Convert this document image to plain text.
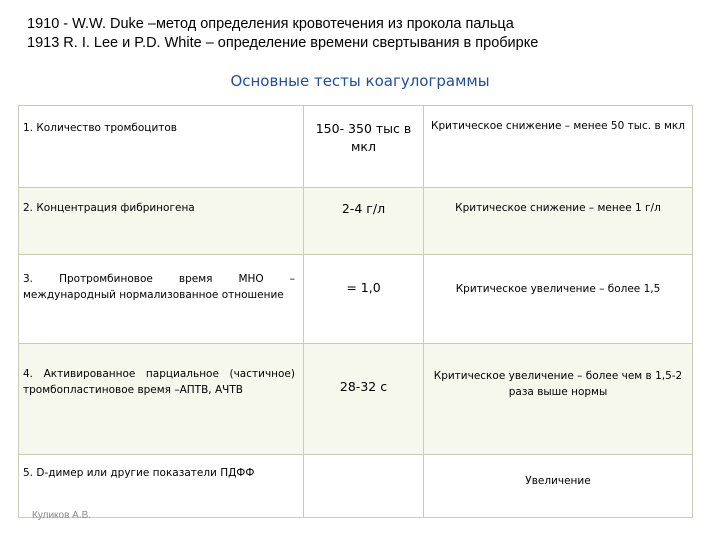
1910 - W.W. Duke –метод определения кровотечения из прокола пальца
1913 R. I. Lee и P.D. White – определение времени свертывания в пробирке
Основные тесты коагулограммы
1. Количество тромбоцитов	150- 350 тыс в мкл	Критическое снижение – менее 50 тыс. в мкл
2. Концентрация фибриногена	2-4 г/л	Критическое снижение – менее 1 г/л
3. Протромбиновое время МНО – международный нормализованное отношение	= 1,0	Критическое увеличение – более 1,5
4. Активированное парциальное (частичное) тромбопластиновое время –АПТВ, АЧТВ	28-32 с	Критическое увеличение – более чем в 1,5-2 раза выше нормы
5. D-димер или другие показатели ПДФФ		Увеличение
Куликов А.В.
